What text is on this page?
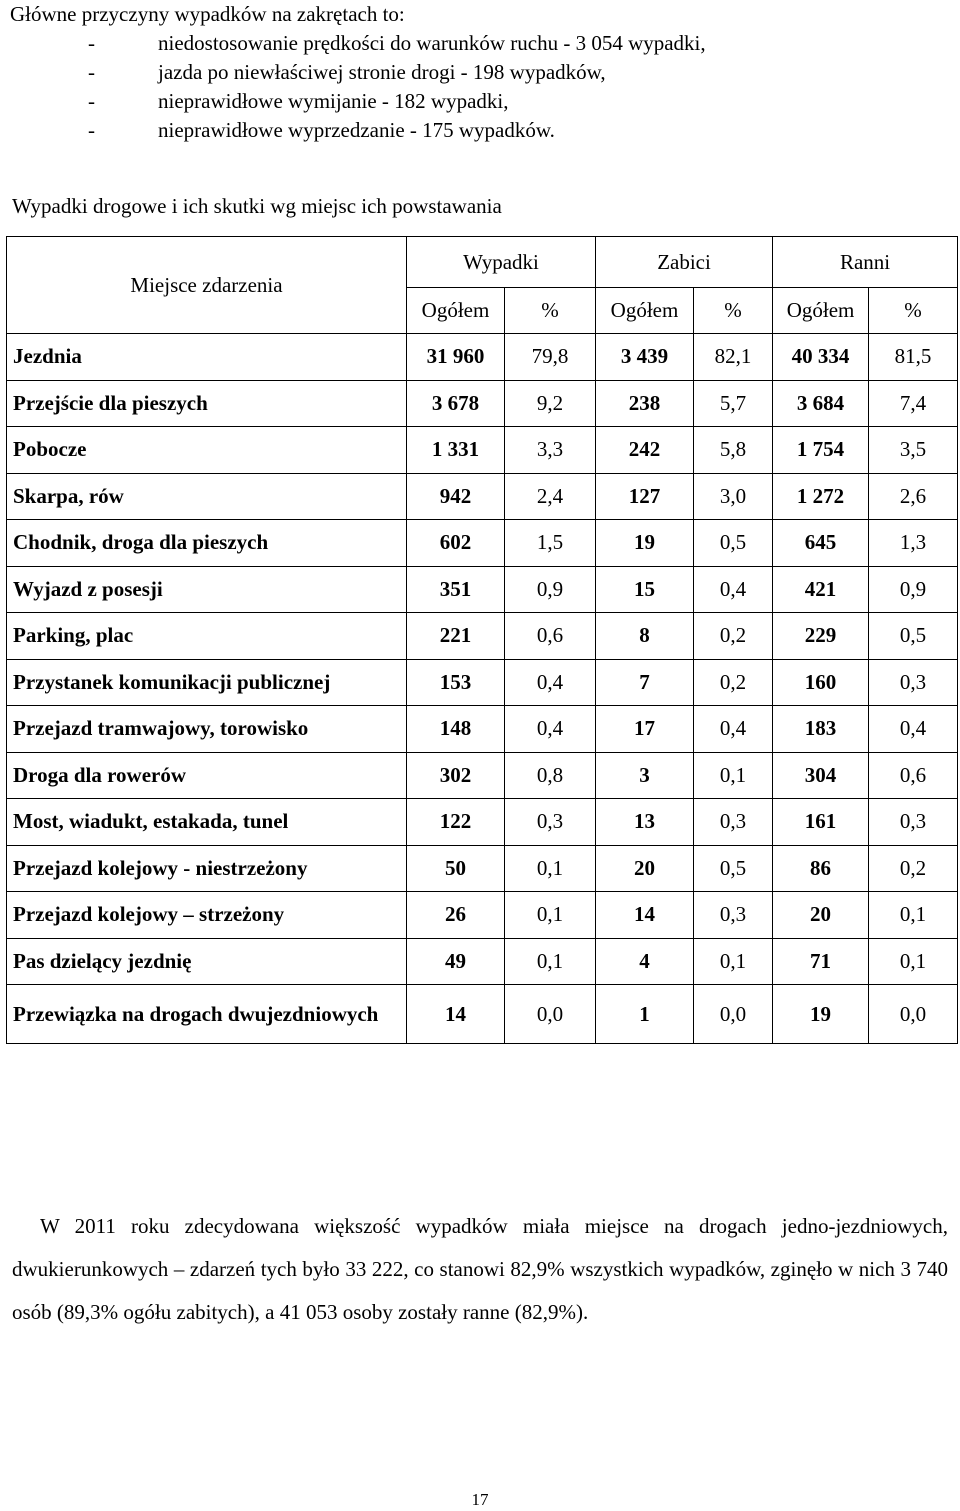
Główne przyczyny wypadków na zakrętach to:
-	niedostosowanie prędkości do warunków ruchu - 3 054 wypadki,
-	jazda po niewłaściwej stronie drogi - 198 wypadków,
-	nieprawidłowe wymijanie - 182 wypadki,
-	nieprawidłowe wyprzedzanie - 175 wypadków.
Wypadki drogowe i ich skutki wg miejsc ich powstawania
Miejsce zdarzenia	Wypadki		Zabici		Ranni	
	Ogółem	%	Ogółem	%	Ogółem	%
Jezdnia	31 960	79,8	3 439	82,1	40 334	81,5
Przejście dla pieszych	3 678	9,2	238	5,7	3 684	7,4
Pobocze	1 331	3,3	242	5,8	1 754	3,5
Skarpa, rów	942	2,4	127	3,0	1 272	2,6
Chodnik, droga dla pieszych	602	1,5	19	0,5	645	1,3
Wyjazd z posesji	351	0,9	15	0,4	421	0,9
Parking, plac	221	0,6	8	0,2	229	0,5
Przystanek komunikacji publicznej	153	0,4	7	0,2	160	0,3
Przejazd tramwajowy, torowisko	148	0,4	17	0,4	183	0,4
Droga dla rowerów	302	0,8	3	0,1	304	0,6
Most, wiadukt, estakada, tunel	122	0,3	13	0,3	161	0,3
Przejazd kolejowy - niestrzeżony	50	0,1	20	0,5	86	0,2
Przejazd kolejowy – strzeżony	26	0,1	14	0,3	20	0,1
Pas dzielący jezdnię	49	0,1	4	0,1	71	0,1
Przewiązka na drogach dwujezdniowych	14	0,0	1	0,0	19	0,0
W 2011 roku zdecydowana większość wypadków miała miejsce na drogach jedno-jezdniowych, dwukierunkowych – zdarzeń tych było 33 222, co stanowi 82,9% wszystkich wypadków, zginęło w nich 3 740 osób (89,3% ogółu zabitych), a 41 053 osoby zostały ranne (82,9%).
17
